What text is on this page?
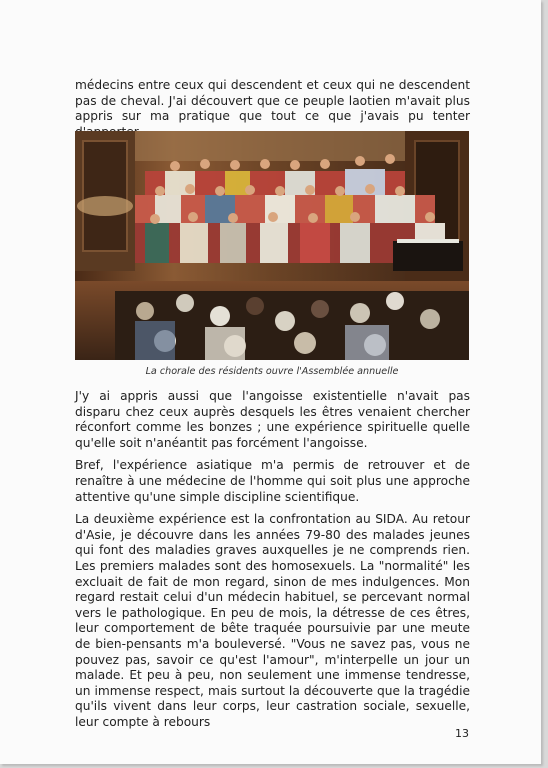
médecins entre ceux qui descendent et ceux qui ne descendent pas de cheval. J'ai découvert que ce peuple laotien m'avait plus appris sur ma pratique que tout ce que j'avais pu tenter

La chorale des résidents ouvre l'Assemblée annuelle

J'y ai appris aussi que l'angoisse existentielle n'avait pas disparu chez ceux auprès desquels les êtres venaient chercher réconfort comme les bonzes ; une expérience spirituelle quelle qu'elle soit n'anéantit pas forcément l'angoisse.

Bref, l'expérience asiatique m'a permis de retrouver et de renaître à une médecine de l'homme qui soit plus une approche attentive qu'une simple discipline scientifique.

La deuxième expérience est la confrontation au SIDA. Au retour d'Asie, je découvre dans les années 79-80 des malades jeunes qui font des maladies graves auxquelles je ne comprends rien. Les premiers malades sont des homosexuels. La "normalité" les excluait de fait de mon regard, sinon de mes indulgences. Mon regard restait celui d'un médecin habituel, se percevant normal vers le pathologique. En peu de mois, la détresse de ces êtres, leur comportement de bête traquée poursuivie par une meute de bien-pensants m'a bouleversé. "Vous ne savez pas, vous ne pouvez pas, savoir ce qu'est l'amour", m'interpelle un jour un malade. Et peu à peu, non seulement une immense tendresse, un immense respect, mais surtout la découverte que la tragédie qu'ils vivent dans leur corps, leur castration sociale, sexuelle, leur compte à rebours

13
